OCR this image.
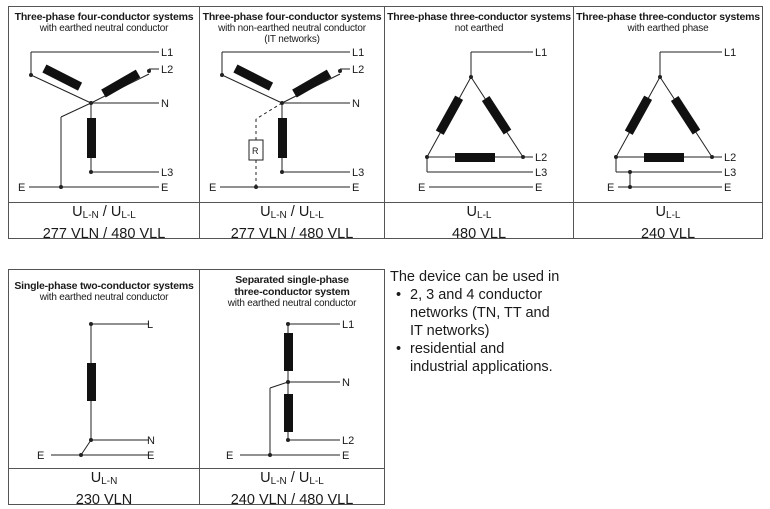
Three-phase four-conductor systems
with earthed neutral conductor
L1
L2
N
L3
E	E
$U_{L-N} / U_{L-L}$
277 VLN / 480 VLL
Three-phase four-conductor systems
with non-earthed neutral conductor
(IT networks)
R
L1
L2
N
L3
E	E
$U_{L-N} / U_{L-L}$
277 VLN / 480 VLL
Three-phase three-conductor systems
not earthed
L1
L2
L3
E	E
$U_{L-L}$
480 VLL
Three-phase three-conductor systems
with earthed phase
L1
L2
L3
E	E
$U_{L-L}$
240 VLL
Single-phase two-conductor systems
with earthed neutral conductor
L
N
E	E
$U_{L-N}$
230 VLN
Separated single-phase
three-conductor system
with earthed neutral conductor
L1
N
L2
E	E
$U_{L-N} / U_{L-L}$
240 VLN / 480 VLL
The device can be used in
• 2, 3 and 4 conductor
networks (TN, TT and
IT networks)
• residential and
industrial applications.
